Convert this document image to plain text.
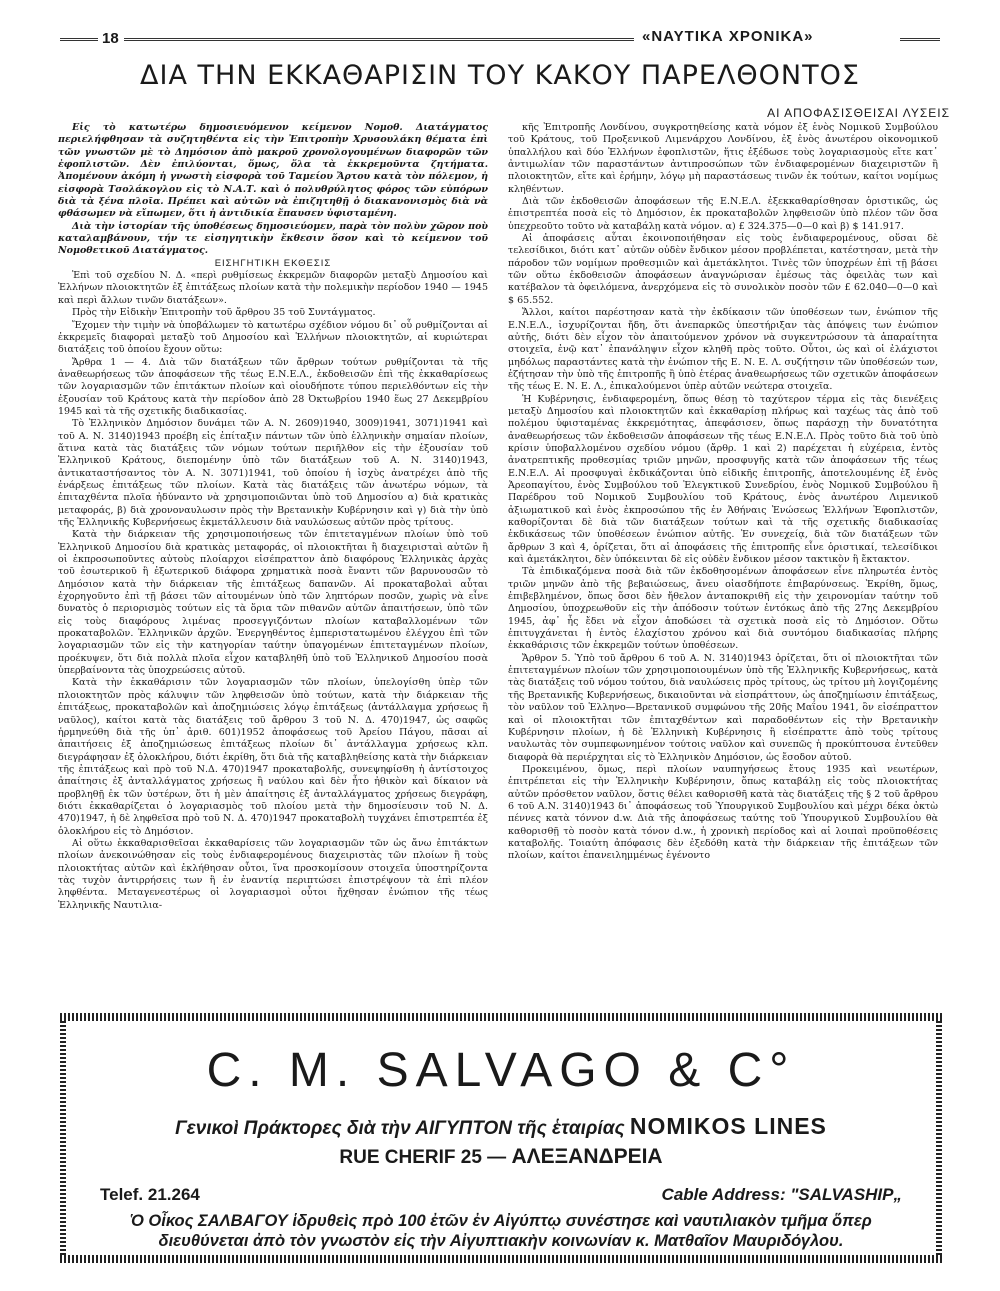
18	«ΝΑΥΤΙΚΑ ΧΡΟΝΙΚΑ»
ΔΙΑ ΤΗΝ ΕΚΚΑΘΑΡΙΣΙΝ ΤΟΥ ΚΑΚΟΥ ΠΑΡΕΛΘΟΝΤΟΣ
ΑΙ ΑΠΟΦΑΣΙΣΘΕΙΣΑΙ ΛΥΣΕΙΣ

Εἰς τὸ κατωτέρω δημοσιευόμενον κείμενον Νομοθ. Διατάγματος περιελήφθησαν τὰ συζητηθέντα εἰς τὴν Ἐπιτροπὴν Χρυσουλάκη θέματα ἐπὶ τῶν γνωστῶν μὲ τὸ Δημόσιον ἀπὸ μακροῦ χρονολογουμένων διαφορῶν τῶν ἐφοπλιστῶν. Δὲν ἐπιλύονται, ὅμως, ὅλα τὰ ἐκκρεμοῦντα ζητήματα. Ἀπομένουν ἀκόμη ἡ γνωστὴ εἰσφορὰ τοῦ Ταμείου Ἄρτου κατὰ τὸν πόλεμον, ἡ εἰσφορὰ Τσολάκογλου εἰς τὸ Ν.Α.Τ. καὶ ὁ πολυθρύλητος φόρος τῶν εὐπόρων διὰ τὰ ξένα πλοῖα. Πρέπει καὶ αὐτῶν νὰ ἐπιζητηθῇ ὁ διακανονισμὸς διὰ νὰ φθάσωμεν νὰ εἴπωμεν, ὅτι ἡ ἀντιδικία ἔπαυσεν ὑφισταμένη.

Διὰ τὴν ἱστορίαν τῆς ὑποθέσεως δημοσιεύομεν, παρὰ τὸν πολὺν χῶρον ποὺ καταλαμβάνουν, τήν τε εἰσηγητικὴν ἔκθεσιν ὅσον καὶ τὸ κείμενον τοῦ Νομοθετικοῦ Διατάγματος.

ΕΙΣΗΓΗΤΙΚΗ ΕΚΘΕΣΙΣ

Ἐπὶ τοῦ σχεδίου Ν. Δ. «περὶ ρυθμίσεως ἐκκρεμῶν διαφορῶν μεταξὺ Δημοσίου καὶ Ἑλλήνων πλοιοκτητῶν ἐξ ἐπιτάξεως πλοίων κατὰ τὴν πολεμικὴν περίοδον 1940 — 1945 καὶ περὶ ἄλλων τινῶν διατάξεων».

Πρὸς τὴν Εἰδικὴν Ἐπιτροπὴν τοῦ ἄρθρου 35 τοῦ Συντάγματος.

Ἔχομεν τὴν τιμὴν νὰ ὑποβάλωμεν τὸ κατωτέρω σχέδιον νόμου δι᾿ οὗ ρυθμίζονται αἱ ἐκκρεμεῖς διαφοραὶ μεταξὺ τοῦ Δημοσίου καὶ Ἑλλήνων πλοιοκτητῶν, αἱ κυριώτεραι διατάξεις τοῦ ὁποίου ἔχουν οὕτω:

Ἄρθρα 1 — 4. Διὰ τῶν διατάξεων τῶν ἄρθρων τούτων ρυθμίζονται τὰ τῆς ἀναθεωρήσεως τῶν ἀποφάσεων τῆς τέως Ε.Ν.Ε.Λ., ἐκδοθεισῶν ἐπὶ τῆς ἐκκαθαρίσεως τῶν λογαριασμῶν τῶν ἐπιτάκτων πλοίων καὶ οἱουδήποτε τύπου περιελθόντων εἰς τὴν ἐξουσίαν τοῦ Κράτους κατὰ τὴν περίοδον ἀπὸ 28 Ὀκτωβρίου 1940 ἕως 27 Δεκεμβρίου 1945 καὶ τὰ τῆς σχετικῆς διαδικασίας.

Τὸ Ἑλληνικὸν Δημόσιον δυνάμει τῶν Α. Ν. 2609)1940, 3009)1941, 3071)1941 καὶ τοῦ Α. Ν. 3140)1943 προέβη εἰς ἐπίταξιν πάντων τῶν ὑπὸ ἑλληνικὴν σημαίαν πλοίων, ἅτινα κατὰ τὰς διατάξεις τῶν νόμων τούτων περιῆλθον εἰς τὴν ἐξουσίαν τοῦ Ἑλληνικοῦ Κράτους, διεπομένην ὑπὸ τῶν διατάξεων τοῦ Α. Ν. 3140)1943, ἀντικαταστήσαντος τὸν Α. Ν. 3071)1941, τοῦ ὁποίου ἡ ἰσχὺς ἀνατρέχει ἀπὸ τῆς ἐνάρξεως ἐπιτάξεως τῶν πλοίων. Κατὰ τὰς διατάξεις τῶν ἀνωτέρω νόμων, τὰ ἐπιταχθέντα πλοῖα ἠδύναντο νὰ χρησιμοποιῶνται ὑπὸ τοῦ Δημοσίου α) διὰ κρατικὰς μεταφοράς, β) διὰ χρονοναυλωσιν πρὸς τὴν Βρετανικὴν Κυβέρνησιν καὶ γ) διὰ τὴν ὑπὸ τῆς Ἑλληνικῆς Κυβερνήσεως ἐκμετάλλευσιν διὰ ναυλώσεως αὐτῶν πρὸς τρίτους.

Κατὰ τὴν διάρκειαν τῆς χρησιμοποιήσεως τῶν ἐπιτεταγμένων πλοίων ὑπὸ τοῦ Ἑλληνικοῦ Δημοσίου διὰ κρατικὰς μεταφοράς, οἱ πλοιοκτῆται ἢ διαχειρισταὶ αὐτῶν ἢ οἱ ἐκπροσωποῦντες αὐτοὺς πλοίαρχοι εἰσέπραττον ἀπὸ διαφόρους Ἑλληνικὰς ἀρχὰς τοῦ ἐσωτερικοῦ ἢ ἐξωτερικοῦ διάφορα χρηματικὰ ποσὰ ἔναντι τῶν βαρυνουσῶν τὸ Δημόσιον κατὰ τὴν διάρκειαν τῆς ἐπιτάξεως δαπανῶν. Αἱ προκαταβολαὶ αὗται ἐχορηγοῦντο ἐπὶ τῇ βάσει τῶν αἰτουμένων ὑπὸ τῶν ληπτόρων ποσῶν, χωρὶς νὰ εἶνε δυνατὸς ὁ περιορισμὸς τούτων εἰς τὰ ὅρια τῶν πιθανῶν αὐτῶν ἀπαιτήσεων, ὑπὸ τῶν εἰς τοὺς διαφόρους λιμένας προσεγγιζόντων πλοίων καταβαλλομένων τῶν προκαταβολῶν. Ἑλληνικῶν ἀρχῶν. Ἐνεργηθέντος ἐμπεριστατωμένου ἐλέγχου ἐπὶ τῶν λογαριασμῶν τῶν εἰς τὴν κατηγορίαν ταύτην ὑπαγομένων ἐπιτεταγμένων πλοίων, προέκυψεν, ὅτι διὰ πολλὰ πλοῖα εἶχον καταβληθῆ ὑπὸ τοῦ Ἑλληνικοῦ Δημοσίου ποσὰ ὑπερβαίνοντα τὰς ὑποχρεώσεις αὐτοῦ.

Κατὰ τὴν ἐκκαθάρισιν τῶν λογαριασμῶν τῶν πλοίων, ὑπελογίσθη ὑπὲρ τῶν πλοιοκτητῶν πρὸς κάλυψιν τῶν ληφθεισῶν ὑπὸ τούτων, κατὰ τὴν διάρκειαν τῆς ἐπιτάξεως, προκαταβολῶν καὶ ἀποζημιώσεις λόγῳ ἐπιτάξεως (ἀντάλλαγμα χρήσεως ἢ ναῦλος), καίτοι κατὰ τὰς διατάξεις τοῦ ἄρθρου 3 τοῦ Ν. Δ. 470)1947, ὡς σαφῶς ἡρμηνεύθη διὰ τῆς ὑπ᾿ ἀριθ. 601)1952 ἀποφάσεως τοῦ Ἀρείου Πάγου, πᾶσαι αἱ ἀπαιτήσεις ἐξ ἀποζημιώσεως ἐπιτάξεως πλοίων δι᾿ ἀντάλλαγμα χρήσεως κλπ. διεγράφησαν ἐξ ὁλοκλήρου, διότι ἐκρίθη, ὅτι διὰ τῆς καταβληθείσης κατὰ τὴν διάρκειαν τῆς ἐπιτάξεως καὶ πρὸ τοῦ Ν.Δ. 470)1947 προκαταβολῆς, συνεψηφίσθη ἡ ἀντίστοιχος ἀπαίτησις ἐξ ἀνταλλάγματος χρήσεως ἢ ναύλου καὶ δὲν ἦτο ἠθικὸν καὶ δίκαιον νὰ προβληθῇ ἐκ τῶν ὑστέρων, ὅτι ἡ μὲν ἀπαίτησις ἐξ ἀνταλλάγματος χρήσεως διεγράφη, διότι ἐκκαθαρίζεται ὁ λογαριασμὸς τοῦ πλοίου μετὰ τὴν δημοσίευσιν τοῦ Ν. Δ. 470)1947, ἡ δὲ ληφθεῖσα πρὸ τοῦ Ν. Δ. 470)1947 προκαταβολὴ τυγχάνει ἐπιστρεπτέα ἐξ ὁλοκλήρου εἰς τὸ Δημόσιον.

Αἱ οὕτω ἐκκαθαρισθεῖσαι ἐκκαθαρίσεις τῶν λογαριασμῶν τῶν ὡς ἄνω ἐπιτάκτων πλοίων ἀνεκοινώθησαν εἰς τοὺς ἐνδιαφερομένους διαχειριστὰς τῶν πλοίων ἢ τοὺς πλοιοκτήτας αὐτῶν καὶ ἐκλήθησαν οὗτοι, ἵνα προσκομίσουν στοιχεῖα ὑποστηρίζοντα τὰς τυχὸν ἀντιρρήσεις των ἢ ἐν ἐναντίᾳ περιπτώσει ἐπιστρέψουν τὰ ἐπὶ πλέον ληφθέντα. Μεταγενεστέρως οἱ λογαριασμοὶ οὗτοι ἤχθησαν ἐνώπιον τῆς τέως Ἑλληνικῆς Ναυτιλια-

κῆς Ἐπιτροπῆς Λονδίνου, συγκροτηθείσης κατὰ νόμον ἐξ ἑνὸς Νομικοῦ Συμβούλου τοῦ Κράτους, τοῦ Προξενικοῦ Λιμενάρχου Λονδίνου, ἐξ ἑνὸς ἀνωτέρου οἰκονομικοῦ ὑπαλλήλου καὶ δύο Ἑλλήνων ἐφοπλιστῶν, ἥτις ἐξέδωσε τοὺς λογαριασμοὺς εἴτε κατ᾿ ἀντιμωλίαν τῶν παραστάντων ἀντιπροσώπων τῶν ἐνδιαφερομένων διαχειριστῶν ἢ πλοιοκτητῶν, εἴτε καὶ ἐρήμην, λόγῳ μὴ παραστάσεως τινῶν ἐκ τούτων, καίτοι νομίμως κληθέντων.

Διὰ τῶν ἐκδοθεισῶν ἀποφάσεων τῆς Ε.Ν.Ε.Λ. ἐξεκκαθαρίσθησαν ὁριστικῶς, ὡς ἐπιστρεπτέα ποσὰ εἰς τὸ Δημόσιον, ἐκ προκαταβολῶν ληφθεισῶν ὑπὸ πλέον τῶν ὅσα ὑπεχρεοῦτο τοῦτο νὰ καταβάλῃ κατὰ νόμον. α) £ 324.375—0—0 καὶ β) $ 141.917.

Αἱ ἀποφάσεις αὗται ἐκοινοποιήθησαν εἰς τοὺς ἐνδιαφερομένους, οὕσαι δὲ τελεσίδικοι, διότι κατ᾿ αὐτῶν οὐδὲν ἔνδικον μέσον προβλέπεται, κατέστησαν, μετὰ τὴν πάροδον τῶν νομίμων προθεσμιῶν καὶ ἀμετάκλητοι. Τινὲς τῶν ὑποχρέων ἐπὶ τῇ βάσει τῶν οὕτω ἐκδοθεισῶν ἀποφάσεων ἀναγνώρισαν ἐμέσως τὰς ὀφειλὰς των καὶ κατέβαλον τὰ ὀφειλόμενα, ἀνερχόμενα εἰς τὸ συνολικὸν ποσὸν τῶν £ 62.040—0—0 καὶ $ 65.552.

Ἄλλοι, καίτοι παρέστησαν κατὰ τὴν ἐκδίκασιν τῶν ὑποθέσεων των, ἐνώπιον τῆς Ε.Ν.Ε.Λ., ἰσχυρίζονται ἤδη, ὅτι ἀνεπαρκῶς ὑπεστήριξαν τὰς ἀπόψεις των ἐνώπιον αὐτῆς, διότι δὲν εἶχον τὸν ἀπαιτούμενον χρόνον νὰ συγκεντρώσουν τὰ ἀπαραίτητα στοιχεῖα, ἐνῷ κατ᾿ ἐπανάληψιν εἶχον κληθῆ πρὸς τοῦτο. Οὗτοι, ὡς καὶ οἱ ἐλάχιστοι μηδόλως παραστάντες κατὰ τὴν ἐνώπιον τῆς Ε. Ν. Ε. Λ. συζήτησιν τῶν ὑποθέσεών των, ἐζήτησαν τὴν ὑπὸ τῆς ἐπιτροπῆς ἢ ὑπὸ ἑτέρας ἀναθεωρήσεως τῶν σχετικῶν ἀποφάσεων τῆς τέως Ε. Ν. Ε. Λ., ἐπικαλούμενοι ὑπὲρ αὐτῶν νεώτερα στοιχεῖα.

Ἡ Κυβέρνησις, ἐνδιαφερομένη, ὅπως θέσῃ τὸ ταχύτερον τέρμα εἰς τὰς διενέξεις μεταξὺ Δημοσίου καὶ πλοιοκτητῶν καὶ ἐκκαθαρίσῃ πλήρως καὶ ταχέως τὰς ἀπὸ τοῦ πολέμου ὑφισταμένας ἐκκρεμότητας, ἀπεφάσισεν, ὅπως παράσχῃ τὴν δυνατότητα ἀναθεωρήσεως τῶν ἐκδοθεισῶν ἀποφάσεων τῆς τέως Ε.Ν.Ε.Λ. Πρὸς τοῦτο διὰ τοῦ ὑπὸ κρίσιν ὑποβαλλομένου σχεδίου νόμου (ἄρθρ. 1 καὶ 2) παρέχεται ἡ εὐχέρεια, ἐντὸς ἀνατρεπτικῆς προθεσμίας τριῶν μηνῶν, προσφυγῆς κατὰ τῶν ἀποφάσεων τῆς τέως Ε.Ν.Ε.Λ. Αἱ προσφυγαὶ ἐκδικάζονται ὑπὸ εἰδικῆς ἐπιτροπῆς, ἀποτελουμένης ἐξ ἑνὸς Ἀρεοπαγίτου, ἑνὸς Συμβούλου τοῦ Ἐλεγκτικοῦ Συνεδρίου, ἑνὸς Νομικοῦ Συμβούλου ἢ Παρέδρου τοῦ Νομικοῦ Συμβουλίου τοῦ Κράτους, ἑνὸς ἀνωτέρου Λιμενικοῦ ἀξιωματικοῦ καὶ ἑνὸς ἐκπροσώπου τῆς ἐν Ἀθήναις Ἑνώσεως Ἑλλήνων Ἐφοπλιστῶν, καθορίζονται δὲ διὰ τῶν διατάξεων τούτων καὶ τὰ τῆς σχετικῆς διαδικασίας ἐκδικάσεως τῶν ὑποθέσεων ἐνώπιον αὐτῆς. Ἐν συνεχείᾳ, διὰ τῶν διατάξεων τῶν ἄρθρων 3 καὶ 4, ὁρίζεται, ὅτι αἱ ἀποφάσεις τῆς ἐπιτροπῆς εἶνε ὁριστικαί, τελεσίδικοι καὶ ἀμετάκλητοι, δὲν ὑπόκεινται δὲ εἰς οὐδὲν ἔνδικον μέσον τακτικὸν ἢ ἔκτακτον.

Τὰ ἐπιδικαζόμενα ποσὰ διὰ τῶν ἐκδοθησομένων ἀποφάσεων εἶνε πληρωτέα ἐντὸς τριῶν μηνῶν ἀπὸ τῆς βεβαιώσεως, ἄνευ οἱασδήποτε ἐπιβαρύνσεως. Ἐκρίθη, ὅμως, ἐπιβεβλημένον, ὅπως ὅσοι δὲν ἤθελον ἀνταποκριθῆ εἰς τὴν χειρονομίαν ταύτην τοῦ Δημοσίου, ὑποχρεωθοῦν εἰς τὴν ἀπόδοσιν τούτων ἐντόκως ἀπὸ τῆς 27ης Δεκεμβρίου 1945, ἀφ᾿ ἧς ἔδει νὰ εἶχον ἀποδώσει τὰ σχετικὰ ποσὰ εἰς τὸ Δημόσιον. Οὕτω ἐπιτυγχάνεται ἡ ἐντὸς ἐλαχίστου χρόνου καὶ διὰ συντόμου διαδικασίας πλήρης ἐκκαθάρισις τῶν ἐκκρεμῶν τούτων ὑποθέσεων.

Ἄρθρον 5. Ὑπὸ τοῦ ἄρθρου 6 τοῦ Α. Ν. 3140)1943 ὁρίζεται, ὅτι οἱ πλοιοκτῆται τῶν ἐπιτεταγμένων πλοίων τῶν χρησιμοποιουμένων ὑπὸ τῆς Ἑλληνικῆς Κυβερνήσεως, κατὰ τὰς διατάξεις τοῦ νόμου τούτου, διὰ ναυλώσεις πρὸς τρίτους, ὡς τρίτου μὴ λογιζομένης τῆς Βρετανικῆς Κυβερνήσεως, δικαιοῦνται νὰ εἰσπράττουν, ὡς ἀποζημίωσιν ἐπιτάξεως, τὸν ναῦλον τοῦ Ἑλληνο—Βρετανικοῦ συμφώνου τῆς 20ῆς Μαΐου 1941, ὃν εἰσέπραττον καὶ οἱ πλοιοκτῆται τῶν ἐπιταχθέντων καὶ παραδοθέντων εἰς τὴν Βρετανικὴν Κυβέρνησιν πλοίων, ἡ δὲ Ἑλληνικὴ Κυβέρνησις ἢ εἰσέπραττε ἀπὸ τοὺς τρίτους ναυλωτὰς τὸν συμπεφωνημένον τούτοις ναῦλον καὶ συνεπῶς ἡ προκύπτουσα ἐντεῦθεν διαφορὰ θὰ περιέρχηται εἰς τὸ Ἑλληνικὸν Δημόσιον, ὡς ἔσοδον αὐτοῦ.

Προκειμένου, ὅμως, περὶ πλοίων ναυπηγήσεως ἔτους 1935 καὶ νεωτέρων, ἐπιτρέπεται εἰς τὴν Ἑλληνικὴν Κυβέρνησιν, ὅπως καταβάλῃ εἰς τοὺς πλοιοκτήτας αὐτῶν πρόσθετον ναῦλον, ὅστις θέλει καθορισθῆ κατὰ τὰς διατάξεις τῆς § 2 τοῦ ἄρθρου 6 τοῦ Α.Ν. 3140)1943 δι᾿ ἀποφάσεως τοῦ Ὑπουργικοῦ Συμβουλίου καὶ μέχρι δέκα ὀκτὼ πέννες κατὰ τόννον d.w. Διὰ τῆς ἀποφάσεως ταύτης τοῦ Ὑπουργικοῦ Συμβουλίου θὰ καθορισθῇ τὸ ποσὸν κατὰ τόνον d.w., ἡ χρονικὴ περίοδος καὶ αἱ λοιπαὶ προϋποθέσεις καταβολῆς. Τοιαύτη ἀπόφασις δὲν ἐξεδόθη κατὰ τὴν διάρκειαν τῆς ἐπιτάξεων τῶν πλοίων, καίτοι ἐπανειλημμένως ἐγένοντο

C. M. SALVAGO & C°
Γενικοὶ Πράκτορες διὰ τὴν ΑΙΓΥΠΤΟΝ τῆς ἑταιρίας NOMIKOS LINES
RUE CHERIF 25 — ΑΛΕΞΑΝΔΡΕΙΑ
Telef. 21.264	Cable Address: "SALVASHIP„
Ὁ Οἶκος ΣΑΛΒΑΓΟΥ ἱδρυθεὶς πρὸ 100 ἐτῶν ἐν Αἰγύπτῳ συνέστησε καὶ ναυτιλιακὸν τμῆμα ὅπερ διευθύνεται ἀπὸ τὸν γνωστὸν εἰς τὴν Αἰγυπτιακὴν κοινωνίαν κ. Ματθαῖον Μαυριδόγλου.
